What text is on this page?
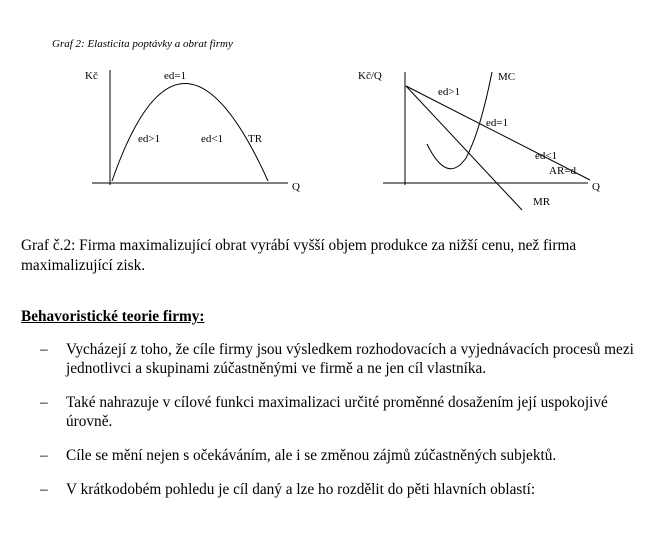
Graf 2: Elasticita poptávky a obrat firmy
Kč
Q
ed=1
ed>1	ed<1 TR
Kč/Q
Q
MC
ed>1
ed=1
ed<1
AR=d
MR
Graf č.2: Firma maximalizující obrat vyrábí vyšší objem produkce za nižší cenu, než firma maximalizující zisk.
Behavoristické teorie firmy:
– Vycházejí z toho, že cíle firmy jsou výsledkem rozhodovacích a vyjednávacích procesů mezi jednotlivci a skupinami zúčastněnými ve firmě a ne jen cíl vlastníka.
– Také nahrazuje v cílové funkci maximalizaci určité proměnné dosažením její uspokojivé úrovně.
– Cíle se mění nejen s očekáváním, ale i se změnou zájmů zúčastněných subjektů.
– V krátkodobém pohledu je cíl daný a lze ho rozdělit do pěti hlavních oblastí:
